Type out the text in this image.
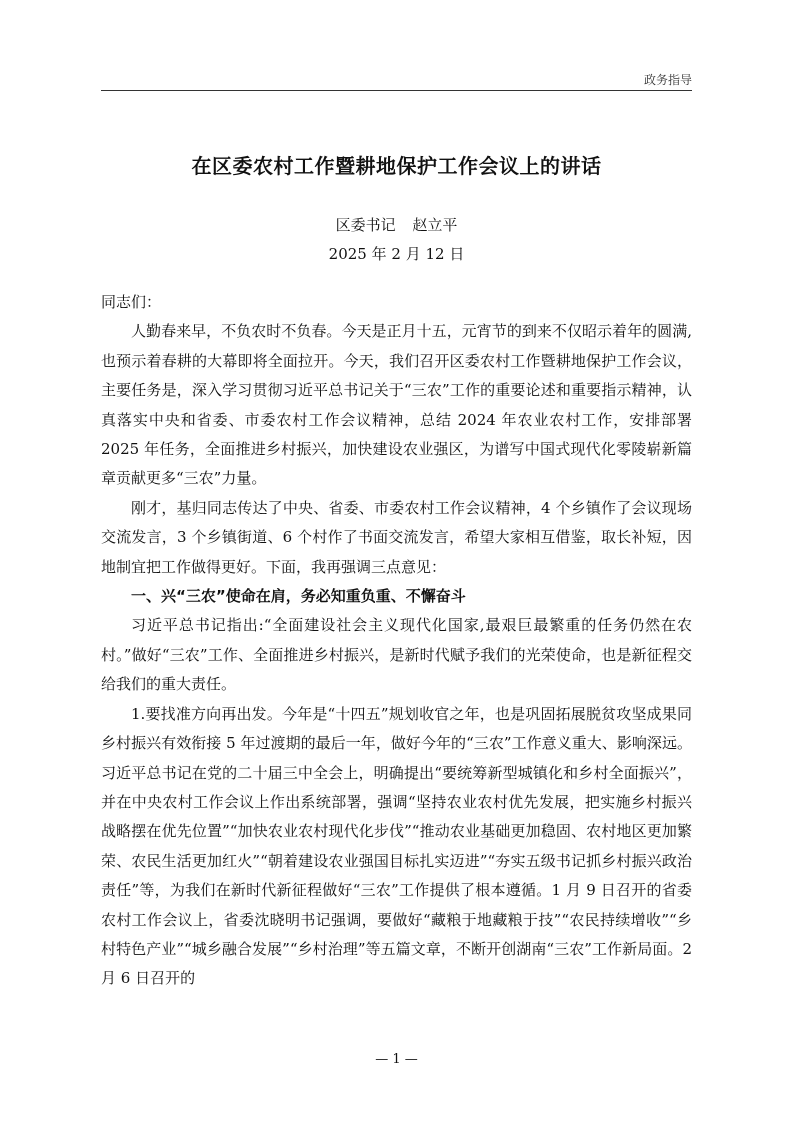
政务指导
在区委农村工作暨耕地保护工作会议上的讲话
区委书记 赵立平
2025 年 2 月 12 日

同志们：

人勤春来早，不负农时不负春。今天是正月十五，元宵节的到来不仅昭示着年的圆满,也预示着春耕的大幕即将全面拉开。今天，我们召开区委农村工作暨耕地保护工作会议，主要任务是，深入学习贯彻习近平总书记关于“三农”工作的重要论述和重要指示精神，认真落实中央和省委、市委农村工作会议精神，总结 2024 年农业农村工作，安排部署 2025 年任务，全面推进乡村振兴，加快建设农业强区，为谱写中国式现代化零陵崭新篇章贡献更多“三农”力量。

刚才，基归同志传达了中央、省委、市委农村工作会议精神，4 个乡镇作了会议现场交流发言，3 个乡镇街道、6 个村作了书面交流发言，希望大家相互借鉴，取长补短，因地制宜把工作做得更好。下面，我再强调三点意见：

一、兴“三农”使命在肩，务必知重负重、不懈奋斗

习近平总书记指出:“全面建设社会主义现代化国家,最艰巨最繁重的任务仍然在农村。”做好“三农”工作、全面推进乡村振兴，是新时代赋予我们的光荣使命，也是新征程交给我们的重大责任。

1.要找准方向再出发。今年是“十四五”规划收官之年，也是巩固拓展脱贫攻坚成果同乡村振兴有效衔接 5 年过渡期的最后一年，做好今年的“三农”工作意义重大、影响深远。习近平总书记在党的二十届三中全会上，明确提出“要统筹新型城镇化和乡村全面振兴”，并在中央农村工作会议上作出系统部署，强调“坚持农业农村优先发展，把实施乡村振兴战略摆在优先位置”“加快农业农村现代化步伐”“推动农业基础更加稳固、农村地区更加繁荣、农民生活更加红火”“朝着建设农业强国目标扎实迈进”“夯实五级书记抓乡村振兴政治责任”等，为我们在新时代新征程做好“三农”工作提供了根本遵循。1 月 9 日召开的省委农村工作会议上，省委沈晓明书记强调，要做好“藏粮于地藏粮于技”“农民持续增收”“乡村特色产业”“城乡融合发展”“乡村治理”等五篇文章，不断开创湖南“三农”工作新局面。2 月 6 日召开的

— 1 —
